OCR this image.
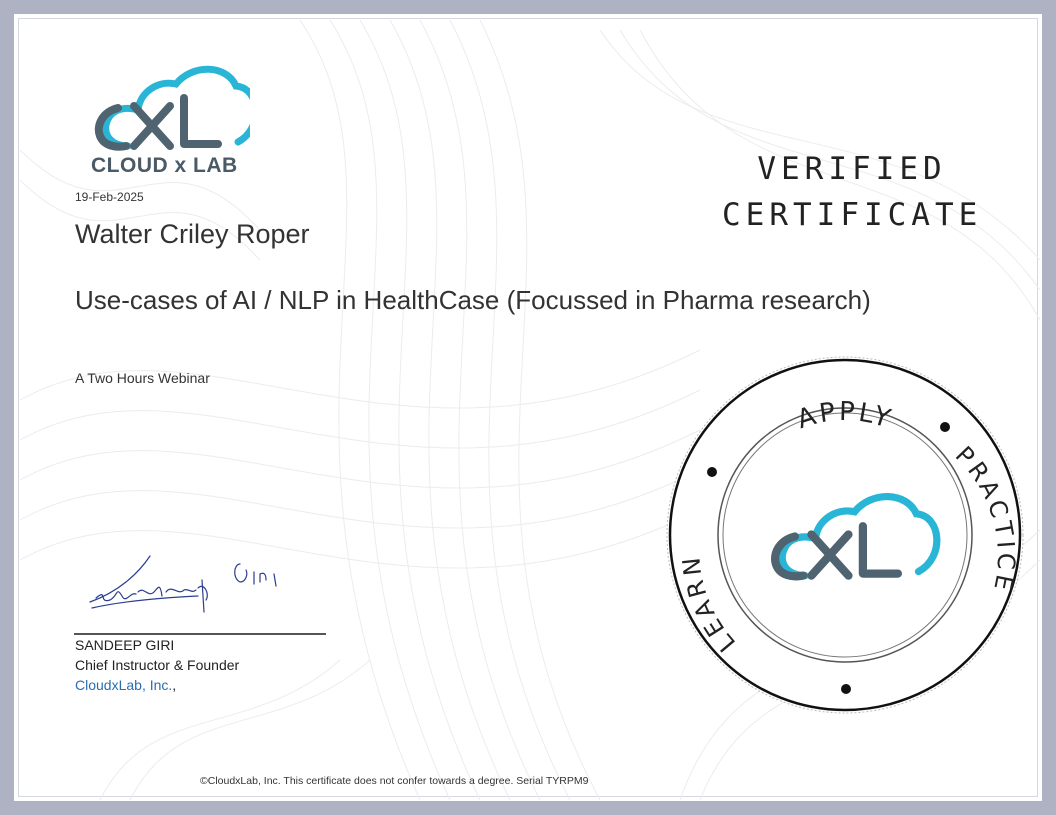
CLOUD x LAB
19-Feb-2025
Walter Criley Roper
Use-cases of AI / NLP in HealthCase (Focussed in Pharma research)
A Two Hours Webinar
VERIFIED
CERTIFICATE
SANDEEP GIRI
Chief Instructor & Founder
CloudxLab, Inc.,
APPLY
PRACTICE
LEARN
©CloudxLab, Inc. This certificate does not confer towards a degree. Serial TYRPM9
